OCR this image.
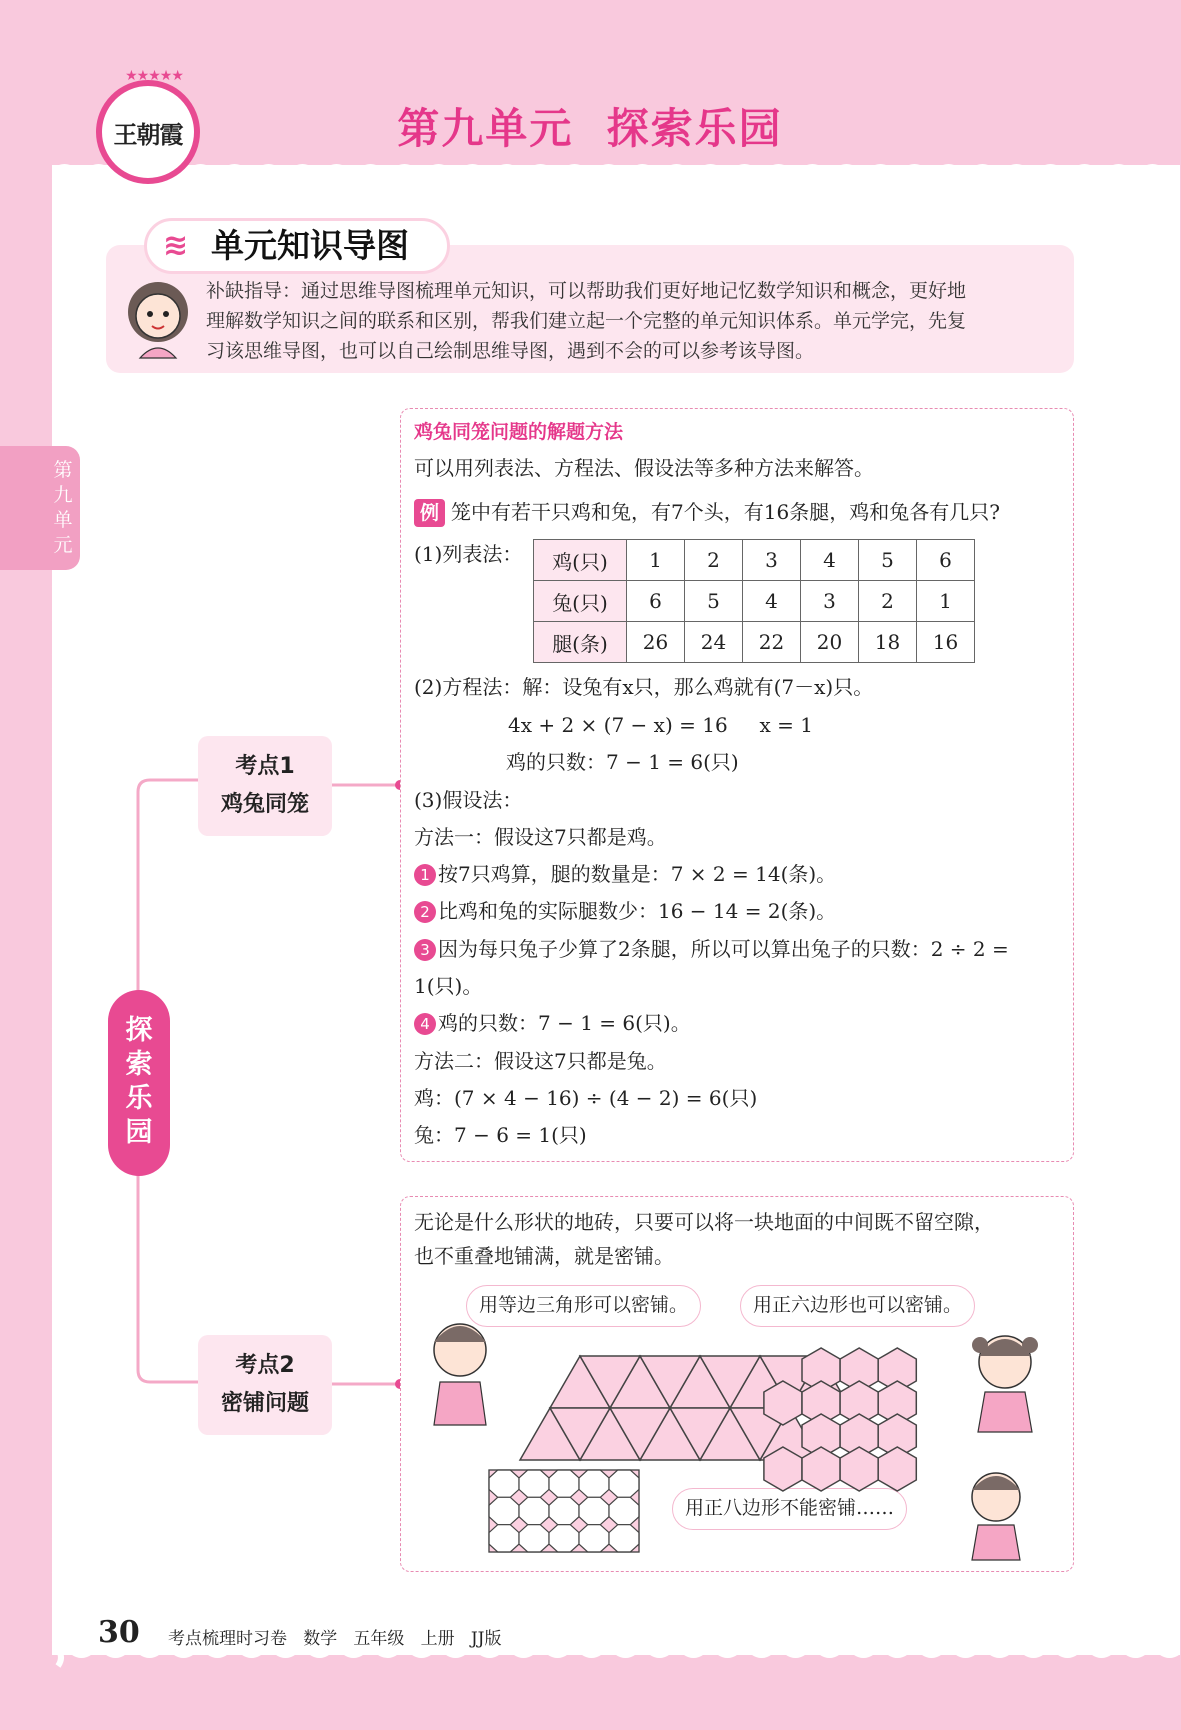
★★★★★
王朝霞	第九单元  探索乐园
第
九
单
元
≋ 单元知识导图
补缺指导：通过思维导图梳理单元知识，可以帮助我们更好地记忆数学知识和概念，更好地
理解数学知识之间的联系和区别，帮我们建立起一个完整的单元知识体系。单元学完，先复
习该思维导图，也可以自己绘制思维导图，遇到不会的可以参考该导图。
考点1
鸡兔同笼
考点2
密铺问题
探
索
乐
园
鸡兔同笼问题的解题方法
可以用列表法、方程法、假设法等多种方法来解答。
例 笼中有若干只鸡和兔，有7个头，有16条腿，鸡和兔各有几只?
(1)列表法： 鸡(只)	1	2	3	4	5	6
兔(只)	6	5	4	3	2	1
腿(条)	26	24	22	20	18	16
(2)方程法：解：设兔有x只，那么鸡就有(7－x)只。
4x + 2 × (7 − x) = 16     x = 1
鸡的只数：7 − 1 = 6(只)
(3)假设法：
方法一：假设这7只都是鸡。
1 按7只鸡算，腿的数量是：7 × 2 = 14(条)。
2 比鸡和兔的实际腿数少：16 − 14 = 2(条)。
3 因为每只兔子少算了2条腿，所以可以算出兔子的只数：2 ÷ 2 =
1(只)。
4 鸡的只数：7 − 1 = 6(只)。
方法二：假设这7只都是兔。
鸡：(7 × 4 − 16) ÷ (4 − 2) = 6(只)
兔：7 − 6 = 1(只)
无论是什么形状的地砖，只要可以将一块地面的中间既不留空隙，
也不重叠地铺满，就是密铺。
用等边三角形可以密铺。	用正六边形也可以密铺。
用正八边形不能密铺……
30 考点梳理时习卷   数学   五年级   上册   JJ版
